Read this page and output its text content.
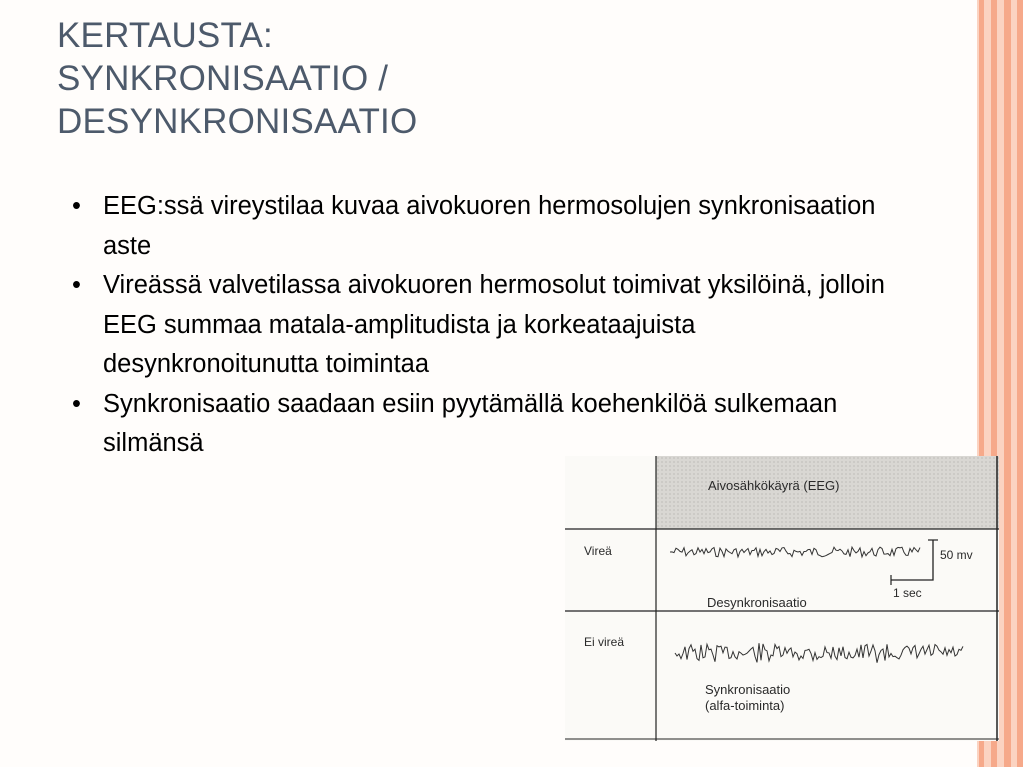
KERTAUSTA:
SYNKRONISAATIO /
DESYNKRONISAATIO
• EEG:ssä vireystilaa kuvaa aivokuoren hermosolujen synkronisaation aste
• Vireässä valvetilassa aivokuoren hermosolut toimivat yksilöinä, jolloin EEG summaa matala-amplitudista ja korkeataajuista desynkronoitunutta toimintaa
• Synkronisaatio saadaan esiin pyytämällä koehenkilöä sulkemaan silmänsä
Aivosähkökäyrä (EEG)
Vireä
Ei vireä
Desynkronisaatio
Synkronisaatio
(alfa-toiminta)
50 mv
1 sec
